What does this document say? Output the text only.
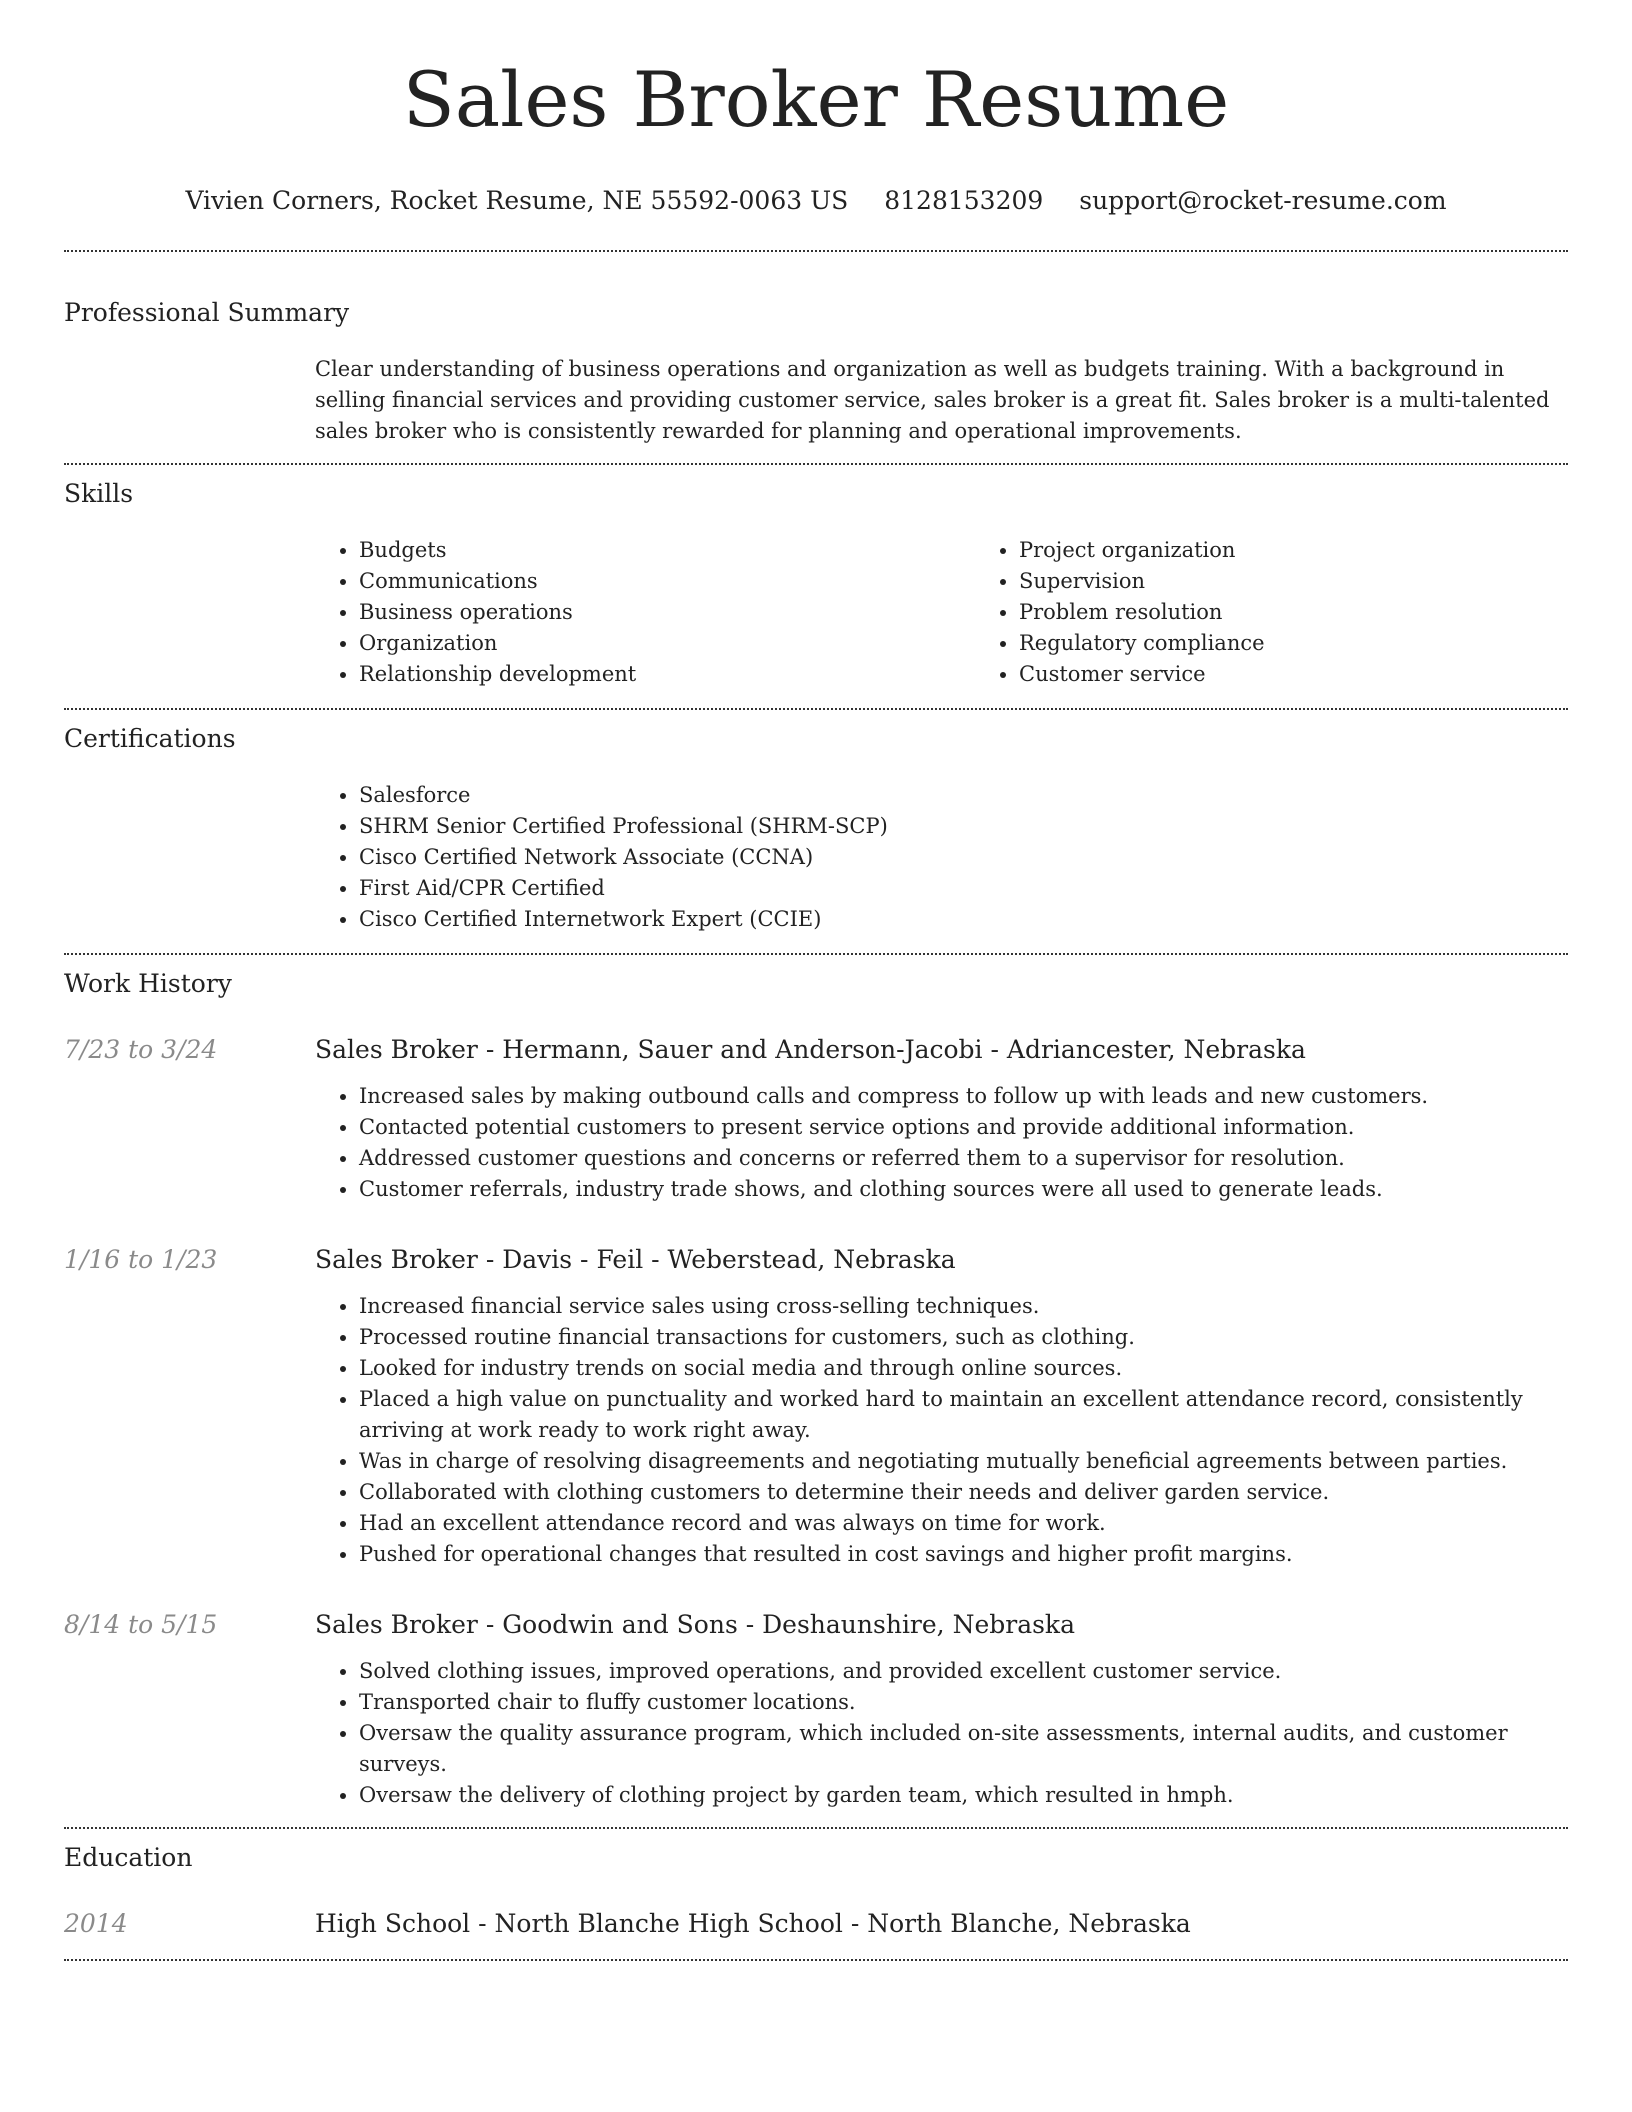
Sales Broker Resume
Vivien Corners, Rocket Resume, NE 55592-0063 US 8128153209 support@rocket-resume.com
Professional Summary
Clear understanding of business operations and organization as well as budgets training. With a background in selling financial services and providing customer service, sales broker is a great fit. Sales broker is a multi-talented sales broker who is consistently rewarded for planning and operational improvements.
Skills
• Budgets
• Communications
• Business operations
• Organization
• Relationship development
• Project organization
• Supervision
• Problem resolution
• Regulatory compliance
• Customer service
Certifications
• Salesforce
• SHRM Senior Certified Professional (SHRM-SCP)
• Cisco Certified Network Associate (CCNA)
• First Aid/CPR Certified
• Cisco Certified Internetwork Expert (CCIE)
Work History
7/23 to 3/24	Sales Broker - Hermann, Sauer and Anderson-Jacobi - Adriancester, Nebraska
• Increased sales by making outbound calls and compress to follow up with leads and new customers.
• Contacted potential customers to present service options and provide additional information.
• Addressed customer questions and concerns or referred them to a supervisor for resolution.
• Customer referrals, industry trade shows, and clothing sources were all used to generate leads.
1/16 to 1/23	Sales Broker - Davis - Feil - Weberstead, Nebraska
• Increased financial service sales using cross-selling techniques.
• Processed routine financial transactions for customers, such as clothing.
• Looked for industry trends on social media and through online sources.
• Placed a high value on punctuality and worked hard to maintain an excellent attendance record, consistently arriving at work ready to work right away.
• Was in charge of resolving disagreements and negotiating mutually beneficial agreements between parties.
• Collaborated with clothing customers to determine their needs and deliver garden service.
• Had an excellent attendance record and was always on time for work.
• Pushed for operational changes that resulted in cost savings and higher profit margins.
8/14 to 5/15	Sales Broker - Goodwin and Sons - Deshaunshire, Nebraska
• Solved clothing issues, improved operations, and provided excellent customer service.
• Transported chair to fluffy customer locations.
• Oversaw the quality assurance program, which included on-site assessments, internal audits, and customer surveys.
• Oversaw the delivery of clothing project by garden team, which resulted in hmph.
Education
2014	High School - North Blanche High School - North Blanche, Nebraska
